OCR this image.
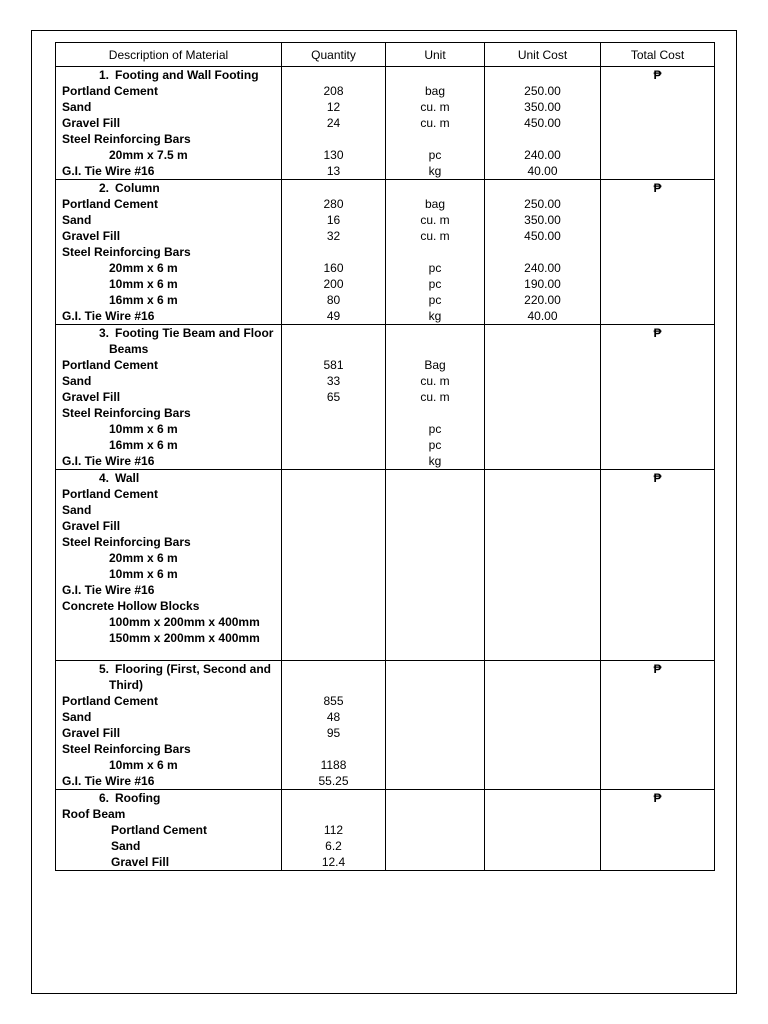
Description of Material	Quantity	Unit	Unit Cost	Total Cost
1. Footing and Wall Footing				₱
Portland Cement	208	bag	250.00	
Sand	12	cu. m	350.00	
Gravel Fill	24	cu. m	450.00	
Steel Reinforcing Bars				
20mm x 7.5 m	130	pc	240.00	
G.I. Tie Wire #16	13	kg	40.00	
2. Column				₱
Portland Cement	280	bag	250.00	
Sand	16	cu. m	350.00	
Gravel Fill	32	cu. m	450.00	
Steel Reinforcing Bars				
20mm x 6 m	160	pc	240.00	
10mm x 6 m	200	pc	190.00	
16mm x 6 m	80	pc	220.00	
G.I. Tie Wire #16	49	kg	40.00	
3. Footing Tie Beam and Floor				₱
Beams				
Portland Cement	581	Bag		
Sand	33	cu. m		
Gravel Fill	65	cu. m		
Steel Reinforcing Bars				
10mm x 6 m		pc		
16mm x 6 m		pc		
G.I. Tie Wire #16		kg		
4. Wall				₱
Portland Cement				
Sand				
Gravel Fill				
Steel Reinforcing Bars				
20mm x 6 m				
10mm x 6 m				
G.I. Tie Wire #16				
Concrete Hollow Blocks				
100mm x 200mm x 400mm				
150mm x 200mm x 400mm				

5. Flooring (First, Second and				₱
Third)				
Portland Cement	855			
Sand	48			
Gravel Fill	95			
Steel Reinforcing Bars				
10mm x 6 m	1188			
G.I. Tie Wire #16	55.25			
6. Roofing				₱
Roof Beam				
Portland Cement	112			
Sand	6.2			
Gravel Fill	12.4			
